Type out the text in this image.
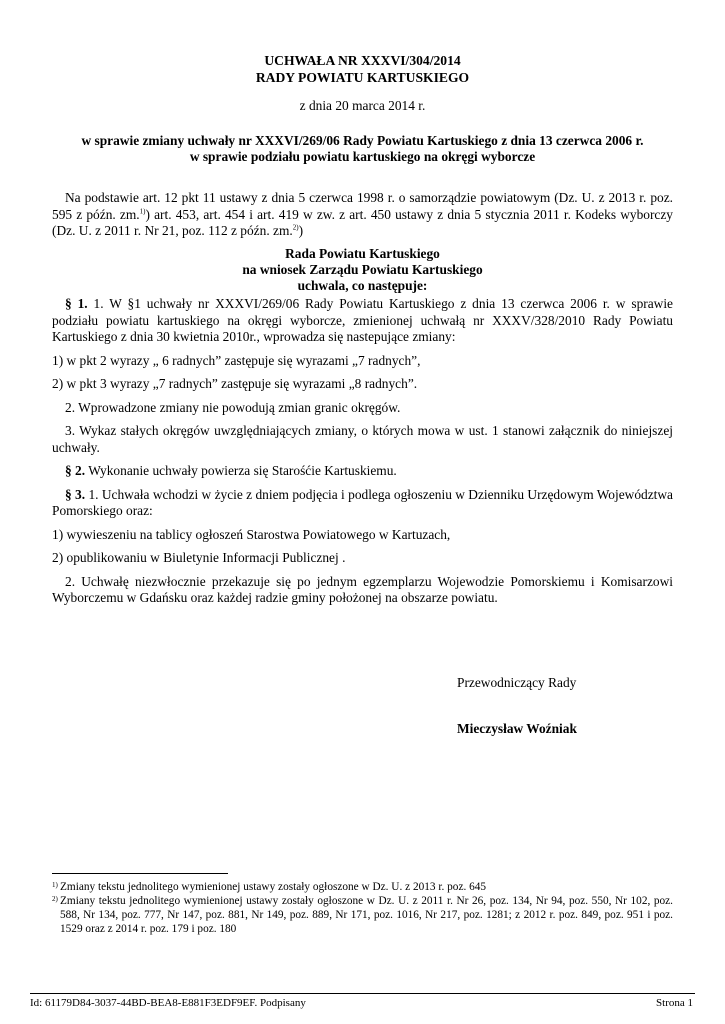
UCHWAŁA NR XXXVI/304/2014
RADY POWIATU KARTUSKIEGO
z dnia 20 marca 2014 r.
w sprawie zmiany uchwały nr XXXVI/269/06 Rady Powiatu Kartuskiego z dnia 13 czerwca 2006 r.
w sprawie podziału powiatu kartuskiego na okręgi wyborcze

Na podstawie art. 12 pkt 11 ustawy z dnia 5 czerwca 1998 r. o samorządzie powiatowym (Dz. U. z 2013 r. poz. 595 z późn. zm.$^{1)}$) art. 453, art. 454 i art. 419 w zw. z art. 450 ustawy z dnia 5 stycznia 2011 r. Kodeks wyborczy (Dz. U. z 2011 r. Nr 21, poz. 112 z późn. zm.$^{2)}$)

Rada Powiatu Kartuskiego
na wniosek Zarządu Powiatu Kartuskiego
uchwala, co następuje:

§ 1. 1. W §1 uchwały nr XXXVI/269/06 Rady Powiatu Kartuskiego z dnia 13 czerwca 2006 r. w sprawie podziału powiatu kartuskiego na okręgi wyborcze, zmienionej uchwałą nr XXXV/328/2010 Rady Powiatu Kartuskiego z dnia 30 kwietnia 2010r., wprowadza się nastepujące zmiany:

1) w pkt 2 wyrazy „ 6 radnych” zastępuje się wyrazami „7 radnych”,

2) w pkt 3 wyrazy „7 radnych” zastępuje się wyrazami „8 radnych”.

2. Wprowadzone zmiany nie powodują zmian granic okręgów.

3. Wykaz stałych okręgów uwzględniających zmiany, o których mowa w ust. 1 stanowi załącznik do niniejszej uchwały.

§ 2. Wykonanie uchwały powierza się Starośćie Kartuskiemu.

§ 3. 1. Uchwała wchodzi w życie z dniem podjęcia i podlega ogłoszeniu w Dzienniku Urzędowym Województwa Pomorskiego oraz:

1) wywieszeniu na tablicy ogłoszeń Starostwa Powiatowego w Kartuzach,

2) opublikowaniu w Biuletynie Informacji Publicznej .

2. Uchwałę niezwłocznie przekazuje się po jednym egzemplarzu Wojewodzie Pomorskiemu i Komisarzowi Wyborczemu w Gdańsku oraz każdej radzie gminy położonej na obszarze powiatu.

Przewodniczący Rady
Mieczysław Woźniak
1) Zmiany tekstu jednolitego wymienionej ustawy zostały ogłoszone w Dz. U. z 2013 r. poz. 645
2) Zmiany tekstu jednolitego wymienionej ustawy zostały ogłoszone w Dz. U. z 2011 r. Nr 26, poz. 134, Nr 94, poz. 550, Nr 102, poz. 588, Nr 134, poz. 777, Nr 147, poz. 881, Nr 149, poz. 889, Nr 171, poz. 1016, Nr 217, poz. 1281; z 2012 r. poz. 849, poz. 951 i poz. 1529 oraz z 2014 r. poz. 179 i poz. 180
Id: 61179D84-3037-44BD-BEA8-E881F3EDF9EF. Podpisany	Strona 1
